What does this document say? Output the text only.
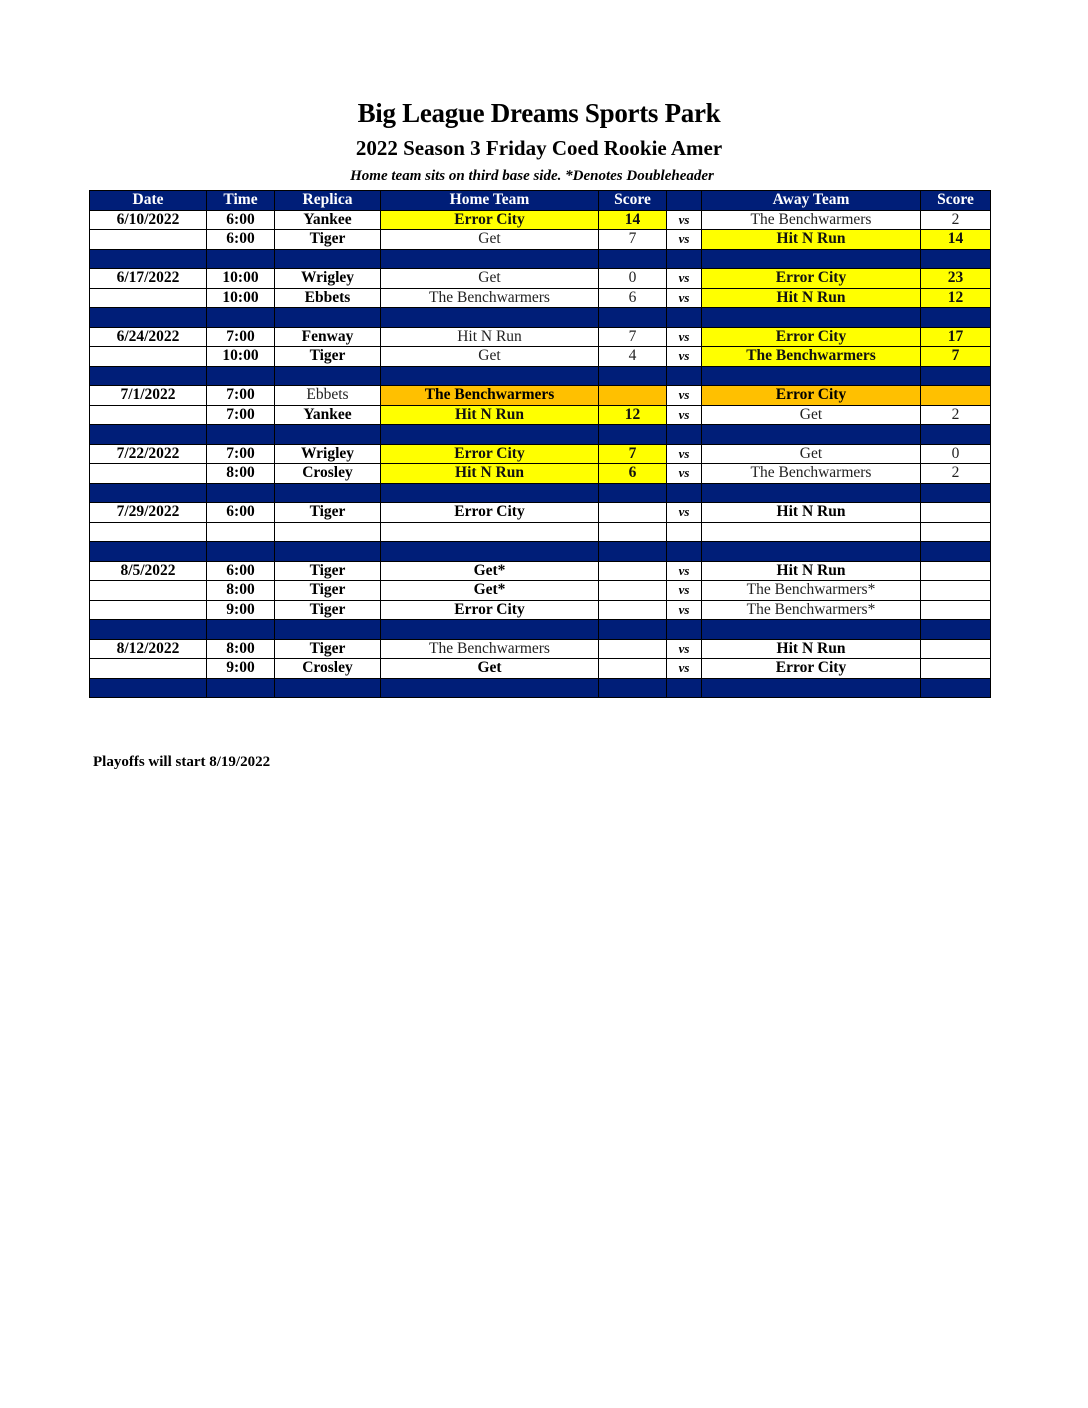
Big League Dreams Sports Park
2022 Season 3 Friday Coed Rookie Amer
Home team sits on third base side. *Denotes Doubleheader
Date	Time	Replica	Home Team	Score		Away Team	Score
6/10/2022	6:00	Yankee	Error City	14	vs	The Benchwarmers	2
	6:00	Tiger	Get	7	vs	Hit N Run	14

6/17/2022	10:00	Wrigley	Get	0	vs	Error City	23
	10:00	Ebbets	The Benchwarmers	6	vs	Hit N Run	12

6/24/2022	7:00	Fenway	Hit N Run	7	vs	Error City	17
	10:00	Tiger	Get	4	vs	The Benchwarmers	7

7/1/2022	7:00	Ebbets	The Benchwarmers		vs	Error City	
	7:00	Yankee	Hit N Run	12	vs	Get	2

7/22/2022	7:00	Wrigley	Error City	7	vs	Get	0
	8:00	Crosley	Hit N Run	6	vs	The Benchwarmers	2

7/29/2022	6:00	Tiger	Error City		vs	Hit N Run	

8/5/2022	6:00	Tiger	Get*		vs	Hit N Run	
	8:00	Tiger	Get*		vs	The Benchwarmers*	
	9:00	Tiger	Error City		vs	The Benchwarmers*	

8/12/2022	8:00	Tiger	The Benchwarmers		vs	Hit N Run	
	9:00	Crosley	Get		vs	Error City	

Playoffs will start 8/19/2022
